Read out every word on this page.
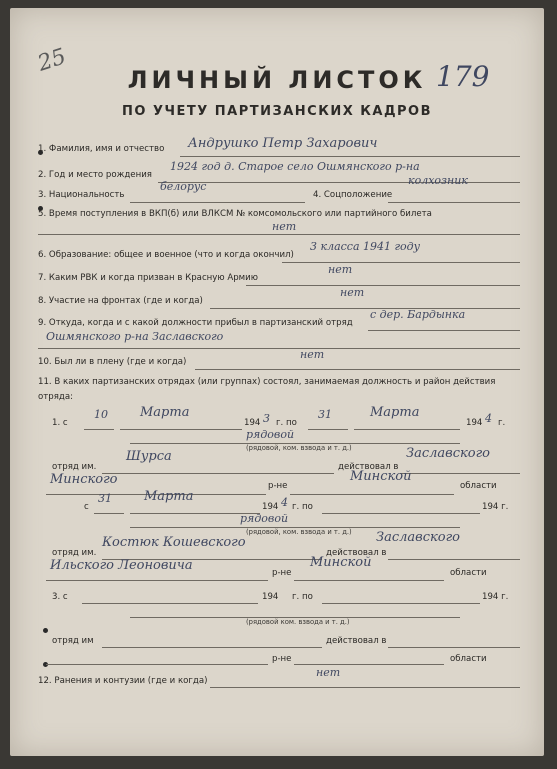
25
ЛИЧНЫЙ ЛИСТОК 179
ПО УЧЕТУ ПАРТИЗАНСКИХ КАДРОВ
1. Фамилия, имя и отчество Андрушко Петр Захарович
2. Год и место рождения
1924 год д. Старое село Ошмянского р-на
3. Национальность
белорус
4. Соцположение
колхозник
5. Время поступления в ВКП(б) или ВЛКСМ № комсомольского или партийного билета
нет
6. Образование: общее и военное (что и когда окончил)
3 класса 1941 году
7. Каким РВК и когда призван в Красную Армию
нет
8. Участие на фронтах (где и когда)
нет
9. Откуда, когда и с какой должности прибыл в партизанский отряд
с дер. Бардынка
Ошмянского р-на Заславского
10. Был ли в плену (где и когда)
нет
11. В каких партизанских отрядах (или группах) состоял, занимаемая должность и район действия
отряда:
1. с
10 Марта
194 3 г. по
31	Марта
194 4 г.
рядовой
(рядовой, ком. взвода и т. д.)
отряд им.
Шурса
действовал в
Заславского
Минского	р-не
Минской
области
с
31 Марта
194 4 г. по	194 г.
рядовой
(рядовой, ком. взвода и т. д.)
отряд им.
Костюк Кошевского
действовал в
Заславского
Ильского Леоновича	р-не
Минской
области
3. с	194 г. по	194 г.
(рядовой ком. взвода и т. д.)
отряд им	действовал в
р-не	области
12. Ранения и контузии (где и когда)
нет
